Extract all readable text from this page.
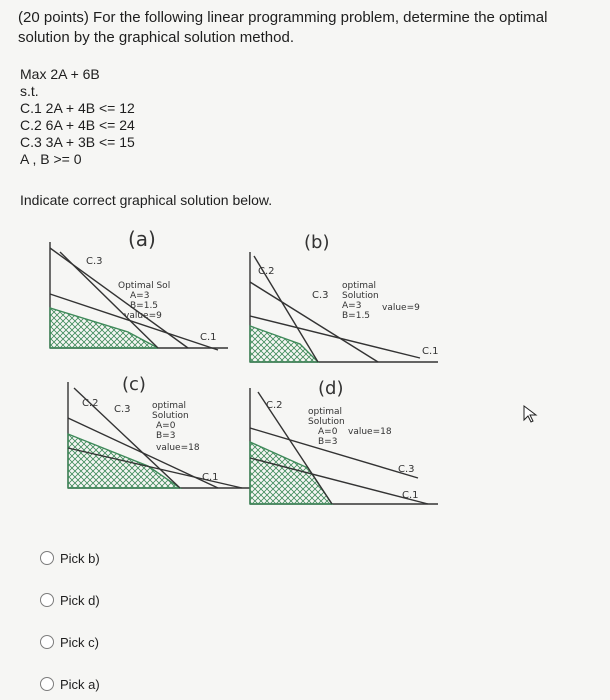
(20 points) For the following linear programming problem, determine the optimal solution by the graphical solution method.
Max 2A + 6B
s.t.
C.1 2A + 4B <= 12
C.2 6A + 4B <= 24
C.3 3A + 3B <= 15
A , B >= 0
Indicate correct graphical solution below.
(a)
C.3
C.1
Optimal Sol
A=3
B=1.5
value=9
(b)
C.2
C.3
C.1
optimal
Solution
A=3
B=1.5
value=9
(c)
C.2
C.3
C.1
optimal
Solution
A=0
B=3
value=18
(d)
C.2
C.3
C.1
optimal
Solution
A=0
B=3
value=18
Pick b)
Pick d)
Pick c)
Pick a)
